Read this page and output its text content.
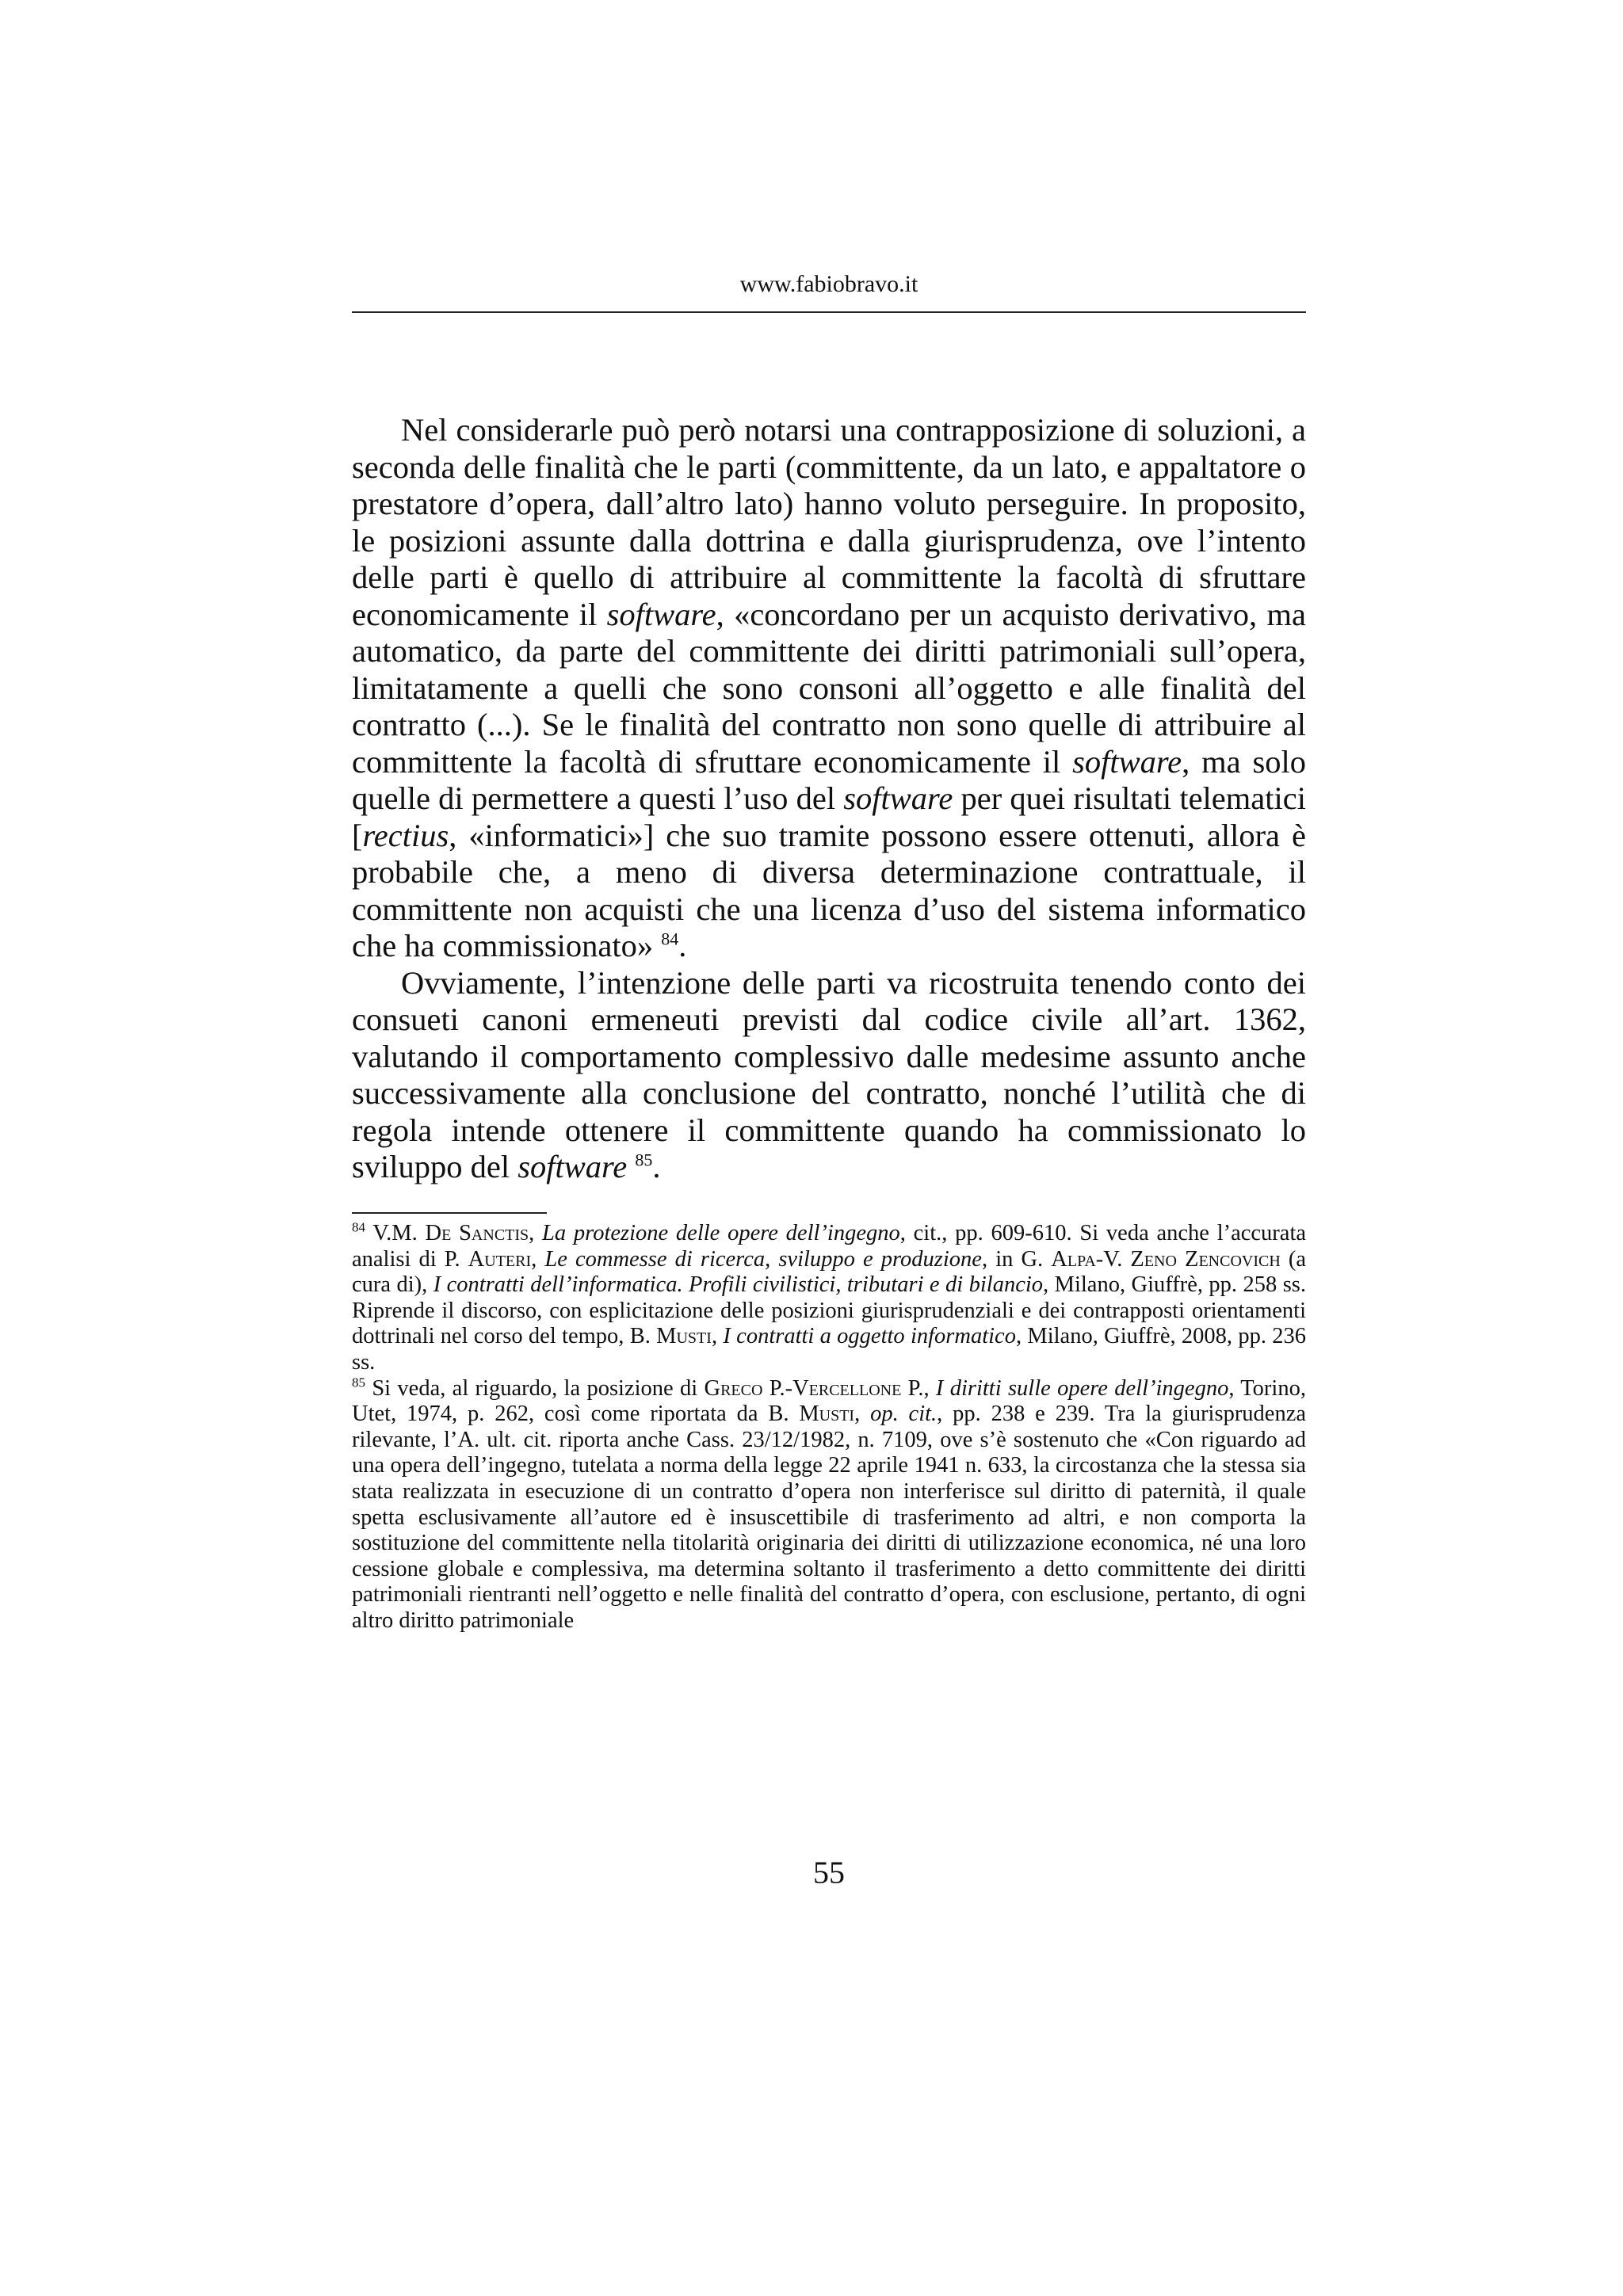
www.fabiobravo.it

Nel considerarle può però notarsi una contrapposizione di soluzioni, a seconda delle finalità che le parti (committente, da un lato, e appaltatore o prestatore d’opera, dall’altro lato) hanno voluto perseguire. In proposito, le posizioni assunte dalla dottrina e dalla giurisprudenza, ove l’intento delle parti è quello di attribuire al committente la facoltà di sfruttare economicamente il software, «concordano per un acquisto derivativo, ma automatico, da parte del committente dei diritti patrimoniali sull’opera, limitatamente a quelli che sono consoni all’oggetto e alle finalità del contratto (...). Se le finalità del contratto non sono quelle di attribuire al committente la facoltà di sfruttare economicamente il software, ma solo quelle di permettere a questi l’uso del software per quei risultati telematici [rectius, «informatici»] che suo tramite possono essere ottenuti, allora è probabile che, a meno di diversa determinazione contrattuale, il committente non acquisti che una licenza d’uso del sistema informatico che ha commissionato» $^{84}$.

Ovviamente, l’intenzione delle parti va ricostruita tenendo conto dei consueti canoni ermeneuti previsti dal codice civile all’art. 1362, valutando il comportamento complessivo dalle medesime assunto anche successivamente alla conclusione del contratto, nonché l’utilità che di regola intende ottenere il committente quando ha commissionato lo sviluppo del software $^{85}$.

$^{84}$ V.M. De Sanctis, La protezione delle opere dell’ingegno, cit., pp. 609-610. Si veda anche l’accurata analisi di P. Auteri, Le commesse di ricerca, sviluppo e produzione, in G. Alpa-V. Zeno Zencovich (a cura di), I contratti dell’informatica. Profili civilistici, tributari e di bilancio, Milano, Giuffrè, pp. 258 ss. Riprende il discorso, con esplicitazione delle posizioni giurisprudenziali e dei contrapposti orientamenti dottrinali nel corso del tempo, B. Musti, I contratti a oggetto informatico, Milano, Giuffrè, 2008, pp. 236 ss.

$^{85}$ Si veda, al riguardo, la posizione di Greco P.-Vercellone P., I diritti sulle opere dell’ingegno, Torino, Utet, 1974, p. 262, così come riportata da B. Musti, op. cit., pp. 238 e 239. Tra la giurisprudenza rilevante, l’A. ult. cit. riporta anche Cass. 23/12/1982, n. 7109, ove s’è sostenuto che «Con riguardo ad una opera dell’ingegno, tutelata a norma della legge 22 aprile 1941 n. 633, la circostanza che la stessa sia stata realizzata in esecuzione di un contratto d’opera non interferisce sul diritto di paternità, il quale spetta esclusivamente all’autore ed è insuscettibile di trasferimento ad altri, e non comporta la sostituzione del committente nella titolarità originaria dei diritti di utilizzazione economica, né una loro cessione globale e complessiva, ma determina soltanto il trasferimento a detto committente dei diritti patrimoniali rientranti nell’oggetto e nelle finalità del contratto d’opera, con esclusione, pertanto, di ogni altro diritto patrimoniale

55
